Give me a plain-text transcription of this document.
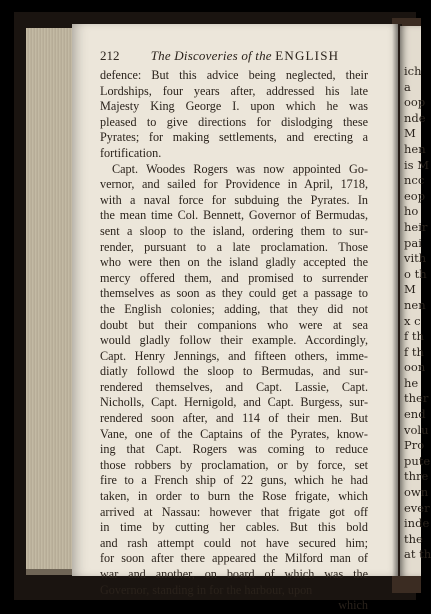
212	The Discoveries of the ENGLISH
defence: But this advice being neglected, their
Lordships, four years after, addressed his late
Majesty King George I. upon which he was
pleased to give directions for dislodging these
Pyrates; for making settlements, and erecting a
fortification.
Capt. Woodes Rogers was now appointed Go-
vernor, and sailed for Providence in April, 1718,
with a naval force for subduing the Pyrates. In
the mean time Col. Bennett, Governor of Bermudas,
sent a sloop to the island, ordering them to sur-
render, pursuant to a late proclamation. Those
who were then on the island gladly accepted the
mercy offered them, and promised to surrender
themselves as soon as they could get a passage to
the English colonies; adding, that they did not
doubt but their companions who were at sea
would gladly follow their example. Accordingly,
Capt. Henry Jennings, and fifteen others, imme-
diatly followd the sloop to Bermudas, and sur-
rendered themselves, and Capt. Lassie, Capt.
Nicholls, Capt. Hernigold, and Capt. Burgess, sur-
rendered soon after, and 114 of their men. But
Vane, one of the Captains of the Pyrates, know-
ing that Capt. Rogers was coming to reduce
those robbers by proclamation, or by force, set
fire to a French ship of 22 guns, which he had
taken, in order to burn the Rose frigate, which
arrived at Nassau: however that frigate got off
in time by cutting her cables. But this bold
and rash attempt could not have secured him;
for soon after there appeared the Milford man of
war and another, on board of which was the
Governor, standing in for the harbour, upon
which
ich
a
oop
nde
M
hen
is M
ncc
eop
ho
heir
pai
vith
o th
M
nen
x c
f th
f th
oon
he
ther
end
volu
Pro
pute
thre
own
ever
inde
the
at th
